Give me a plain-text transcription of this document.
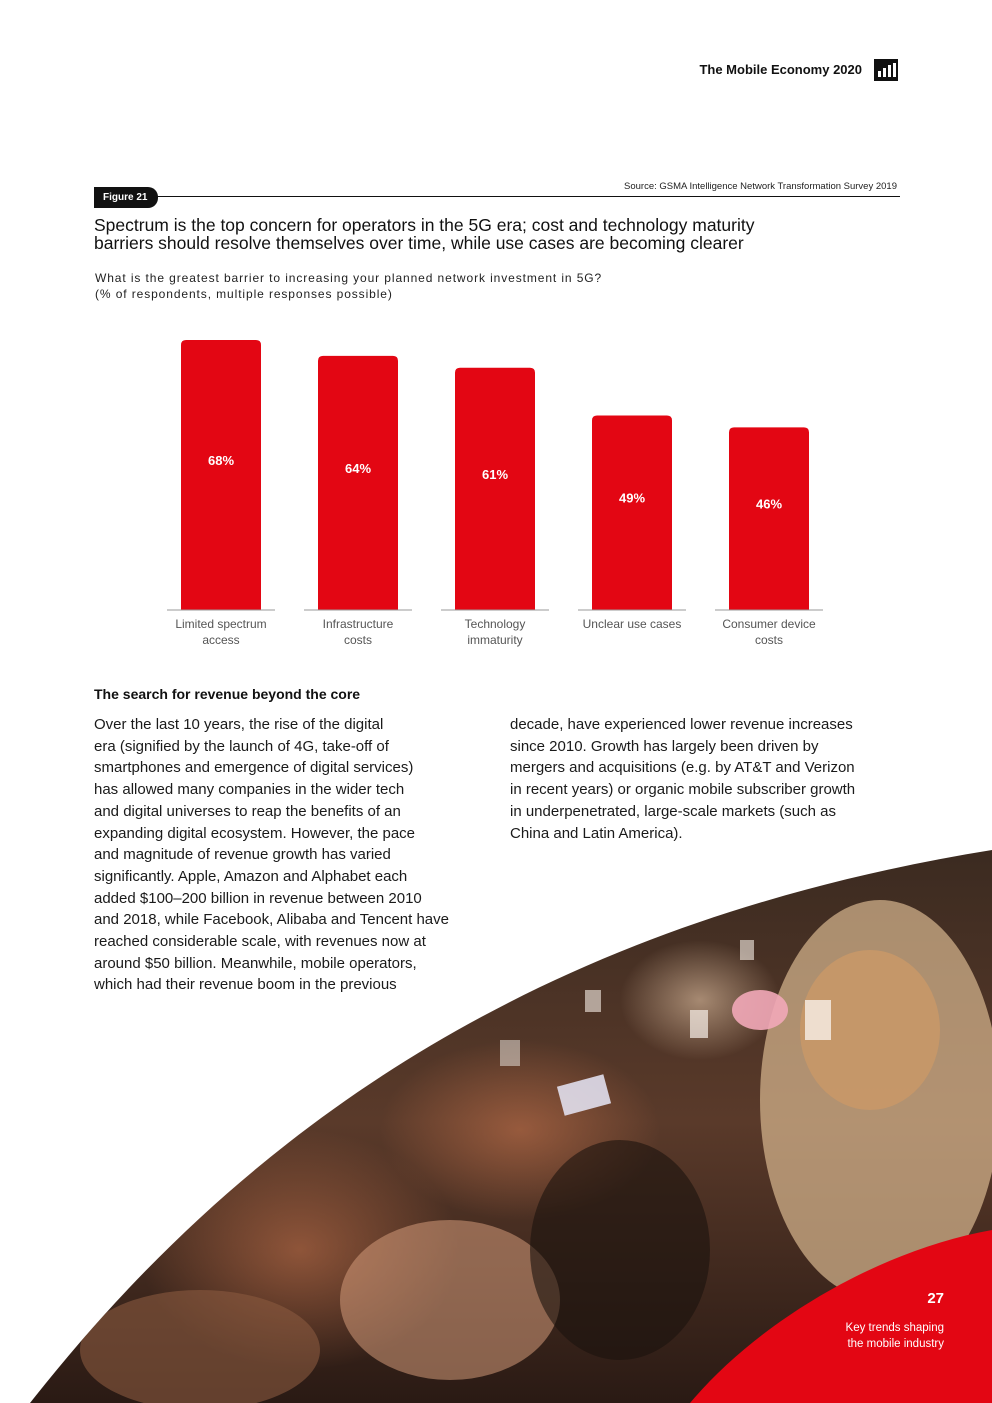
The Mobile Economy 2020
Source: GSMA Intelligence Network Transformation Survey 2019
Figure 21
Spectrum is the top concern for operators in the 5G era; cost and technology maturity
barriers should resolve themselves over time, while use cases are becoming clearer
What is the greatest barrier to increasing your planned network investment in 5G?
(% of respondents, multiple responses possible)
68%
Limited spectrum access
64%
Infrastructure costs
61%
Technology immaturity
49%
Unclear use cases
46%
Consumer device costs
The search for revenue beyond the core
Over the last 10 years, the rise of the digital
era (signified by the launch of 4G, take-off of
smartphones and emergence of digital services)
has allowed many companies in the wider tech
and digital universes to reap the benefits of an
expanding digital ecosystem. However, the pace
and magnitude of revenue growth has varied
significantly. Apple, Amazon and Alphabet each
added $100–200 billion in revenue between 2010
and 2018, while Facebook, Alibaba and Tencent have
reached considerable scale, with revenues now at
around $50 billion. Meanwhile, mobile operators,
which had their revenue boom in the previous
decade, have experienced lower revenue increases
since 2010. Growth has largely been driven by
mergers and acquisitions (e.g. by AT&T and Verizon
in recent years) or organic mobile subscriber growth
in underpenetrated, large-scale markets (such as
China and Latin America).
27
Key trends shaping
the mobile industry
